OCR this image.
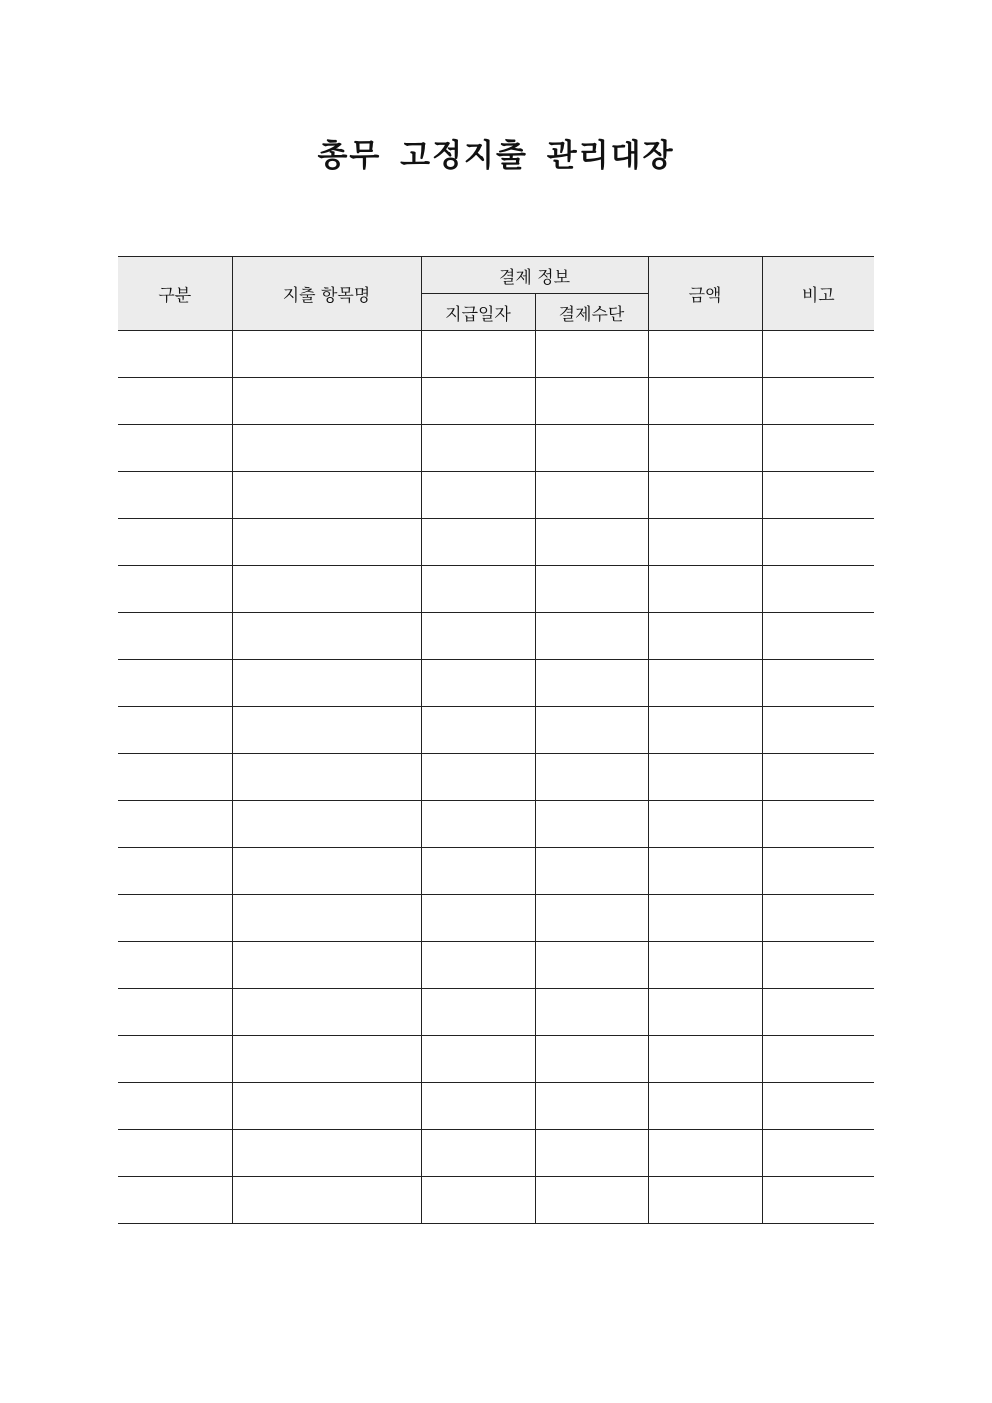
총무 고정지출 관리대장
구분	지출 항목명	결제 정보		금액	비고
		지급일자	결제수단		
